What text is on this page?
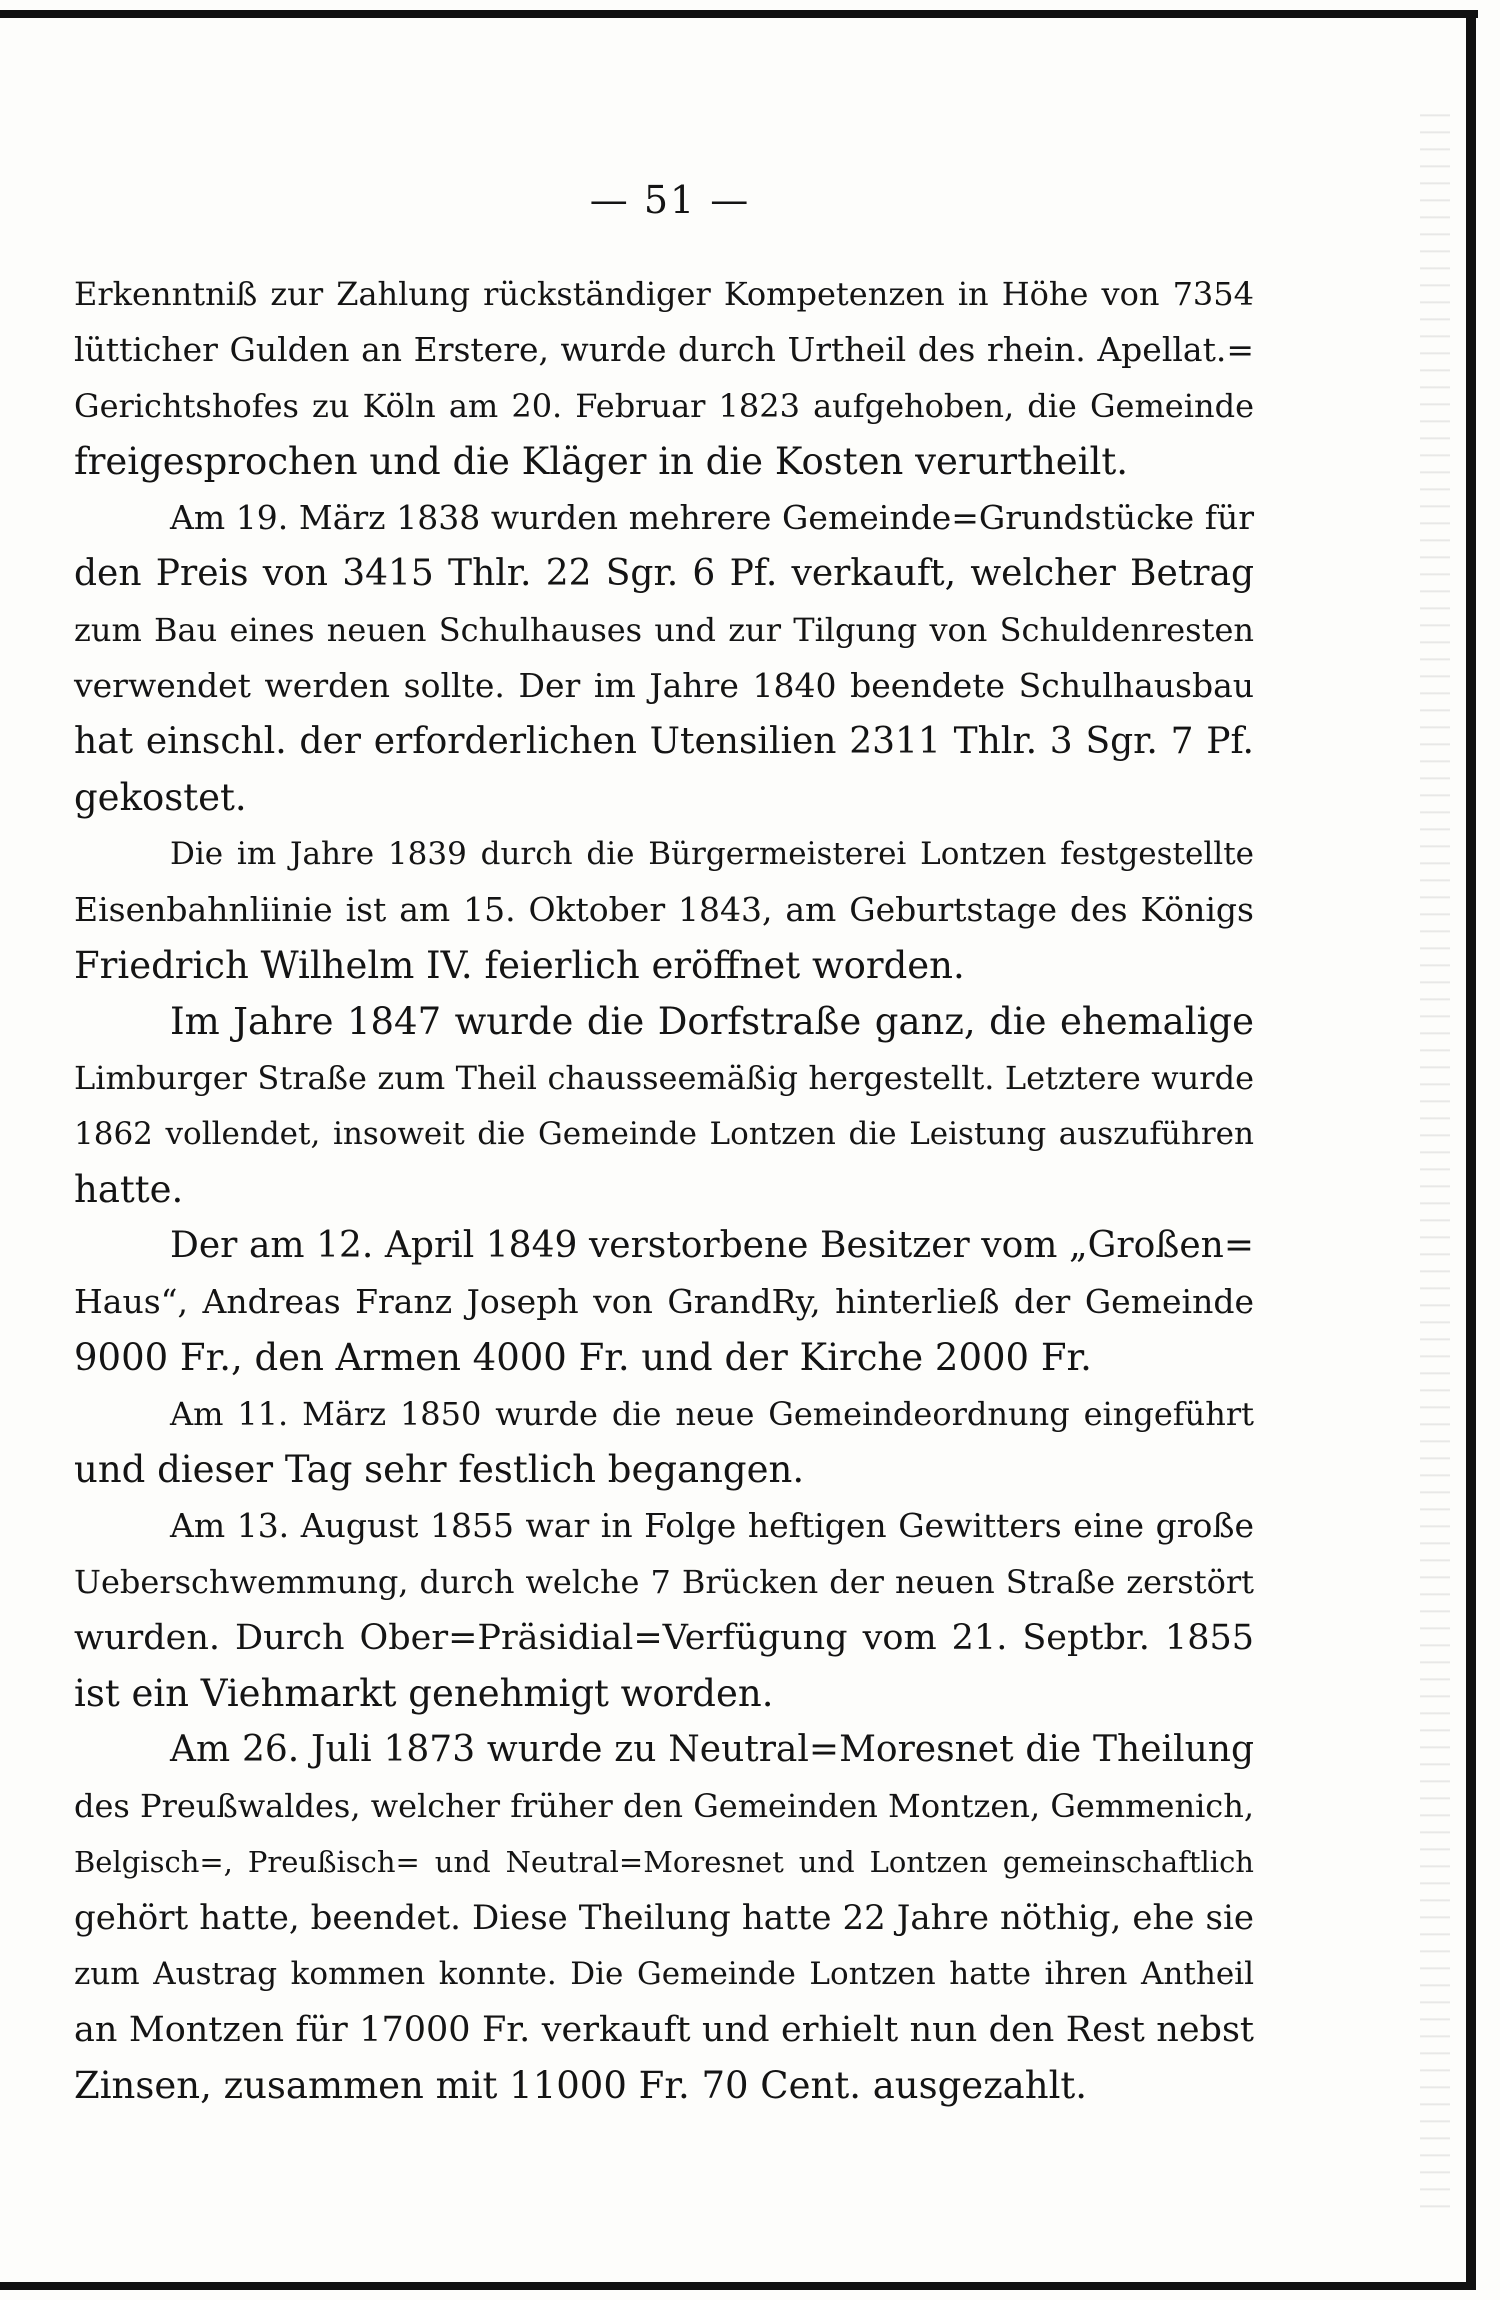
— 51 —
Erkenntniß zur Zahlung rückständiger Kompetenzen in Höhe von 7354
lütticher Gulden an Erstere, wurde durch Urtheil des rhein. Apellat.=
Gerichtshofes zu Köln am 20. Februar 1823 aufgehoben, die Gemeinde
freigesprochen und die Kläger in die Kosten verurtheilt.
Am 19. März 1838 wurden mehrere Gemeinde=Grundstücke für
den Preis von 3415 Thlr. 22 Sgr. 6 Pf. verkauft, welcher Betrag
zum Bau eines neuen Schulhauses und zur Tilgung von Schuldenresten
verwendet werden sollte. Der im Jahre 1840 beendete Schulhausbau
hat einschl. der erforderlichen Utensilien 2311 Thlr. 3 Sgr. 7 Pf.
gekostet.
Die im Jahre 1839 durch die Bürgermeisterei Lontzen festgestellte
Eisenbahnliinie ist am 15. Oktober 1843, am Geburtstage des Königs
Friedrich Wilhelm IV. feierlich eröffnet worden.
Im Jahre 1847 wurde die Dorfstraße ganz, die ehemalige
Limburger Straße zum Theil chausseemäßig hergestellt. Letztere wurde
1862 vollendet, insoweit die Gemeinde Lontzen die Leistung auszuführen
hatte.
Der am 12. April 1849 verstorbene Besitzer vom „Großen=
Haus“, Andreas Franz Joseph von GrandRy, hinterließ der Gemeinde
9000 Fr., den Armen 4000 Fr. und der Kirche 2000 Fr.
Am 11. März 1850 wurde die neue Gemeindeordnung eingeführt
und dieser Tag sehr festlich begangen.
Am 13. August 1855 war in Folge heftigen Gewitters eine große
Ueberschwemmung, durch welche 7 Brücken der neuen Straße zerstört
wurden. Durch Ober=Präsidial=Verfügung vom 21. Septbr. 1855
ist ein Viehmarkt genehmigt worden.
Am 26. Juli 1873 wurde zu Neutral=Moresnet die Theilung
des Preußwaldes, welcher früher den Gemeinden Montzen, Gemmenich,
Belgisch=, Preußisch= und Neutral=Moresnet und Lontzen gemeinschaftlich
gehört hatte, beendet. Diese Theilung hatte 22 Jahre nöthig, ehe sie
zum Austrag kommen konnte. Die Gemeinde Lontzen hatte ihren Antheil
an Montzen für 17000 Fr. verkauft und erhielt nun den Rest nebst
Zinsen, zusammen mit 11000 Fr. 70 Cent. ausgezahlt.
